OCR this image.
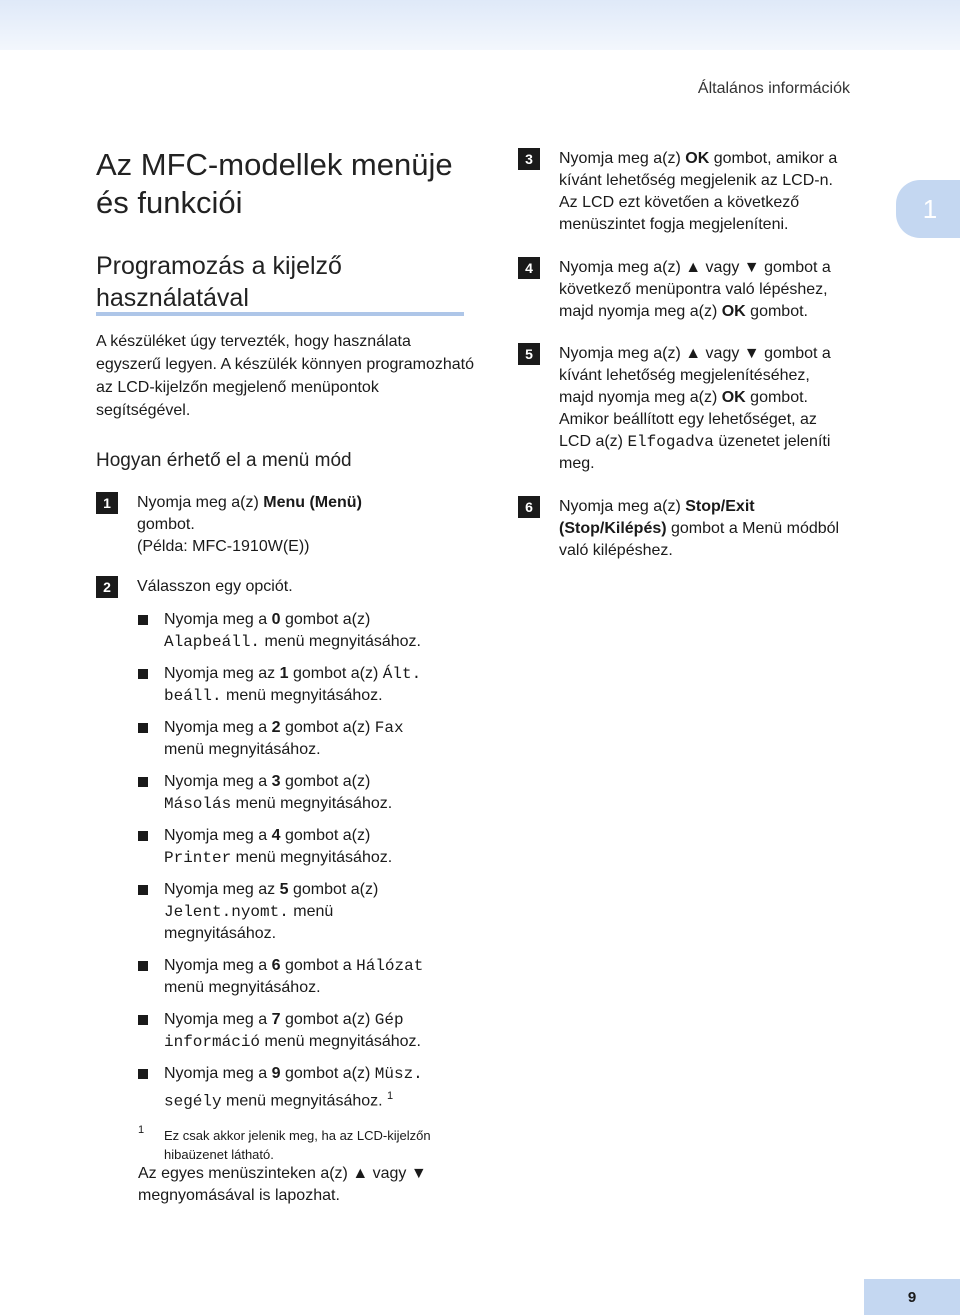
Általános információk
1
Az MFC-modellek menüje és funkciói
Programozás a kijelző használatával

A készüléket úgy tervezték, hogy használata egyszerű legyen. A készülék könnyen programozható az LCD-kijelzőn megjelenő menüpontok segítségével.

Hogyan érhető el a menü mód
1	Nyomja meg a(z) Menu (Menü)
gombot.
(Példa: MFC-1910W(E))
2	Válasszon egy opciót.
Nyomja meg a 0 gombot a(z)
Alapbeáll. menü megnyitásához.
Nyomja meg az 1 gombot a(z) Ált.
beáll. menü megnyitásához.
Nyomja meg a 2 gombot a(z) Fax
menü megnyitásához.
Nyomja meg a 3 gombot a(z)
Másolás menü megnyitásához.
Nyomja meg a 4 gombot a(z)
Printer menü megnyitásához.
Nyomja meg az 5 gombot a(z)
Jelent.nyomt. menü
megnyitásához.
Nyomja meg a 6 gombot a Hálózat
menü megnyitásához.
Nyomja meg a 7 gombot a(z) Gép
információ menü megnyitásához.
Nyomja meg a 9 gombot a(z) Müsz.
segély menü megnyitásához. $^1$
1 Ez csak akkor jelenik meg, ha az LCD-kijelzőn hibaüzenet látható.
Az egyes menüszinteken a(z) ▲ vagy ▼
megnyomásával is lapozhat.
3	Nyomja meg a(z) OK gombot, amikor a
kívánt lehetőség megjelenik az LCD-n.
Az LCD ezt követően a következő
menüszintet fogja megjeleníteni.
4	Nyomja meg a(z) ▲ vagy ▼ gombot a
következő menüpontra való lépéshez,
majd nyomja meg a(z) OK gombot.
5	Nyomja meg a(z) ▲ vagy ▼ gombot a
kívánt lehetőség megjelenítéséhez,
majd nyomja meg a(z) OK gombot.
Amikor beállított egy lehetőséget, az
LCD a(z) Elfogadva üzenetet jeleníti
meg.
6	Nyomja meg a(z) Stop/Exit
(Stop/Kilépés) gombot a Menü módból
való kilépéshez.
9
